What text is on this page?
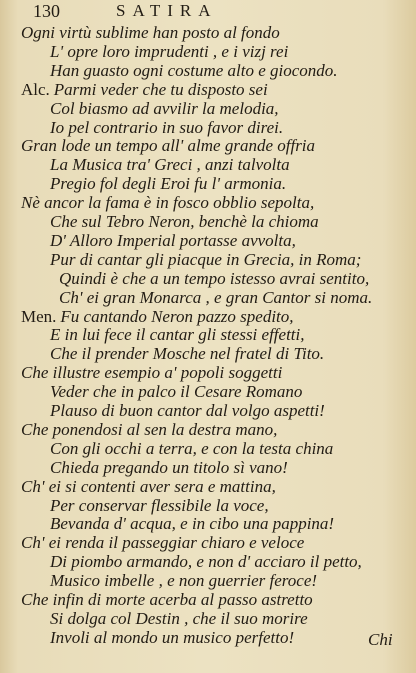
130	SATIRA
Ogni virtù sublime han posto al fondo
L' opre loro imprudenti , e i vizj rei
Han guasto ogni costume alto e giocondo.
Alc. Parmi veder che tu disposto sei
Col biasmo ad avvilir la melodia,
Io pel contrario in suo favor direi.
Gran lode un tempo all' alme grande offria
La Musica tra' Greci , anzi talvolta
Pregio fol degli Eroi fu l' armonia.
Nè ancor la fama è in fosco obblio sepolta,
Che sul Tebro Neron, benchè la chioma
D' Alloro Imperial portasse avvolta,
Pur di cantar gli piacque in Grecia, in Roma;
Quindi è che a un tempo istesso avrai sentito,
Ch' ei gran Monarca , e gran Cantor si noma.
Men. Fu cantando Neron pazzo spedito,
E in lui fece il cantar gli stessi effetti,
Che il prender Mosche nel fratel di Tito.
Che illustre esempio a' popoli soggetti
Veder che in palco il Cesare Romano
Plauso di buon cantor dal volgo aspetti!
Che ponendosi al sen la destra mano,
Con gli occhi a terra, e con la testa china
Chieda pregando un titolo sì vano!
Ch' ei si contenti aver sera e mattina,
Per conservar flessibile la voce,
Bevanda d' acqua, e in cibo una pappina!
Ch' ei renda il passeggiar chiaro e veloce
Di piombo armando, e non d' acciaro il petto,
Musico imbelle , e non guerrier feroce!
Che infin di morte acerba al passo astretto
Si dolga col Destin , che il suo morire
Involi al mondo un musico perfetto!	Chi
